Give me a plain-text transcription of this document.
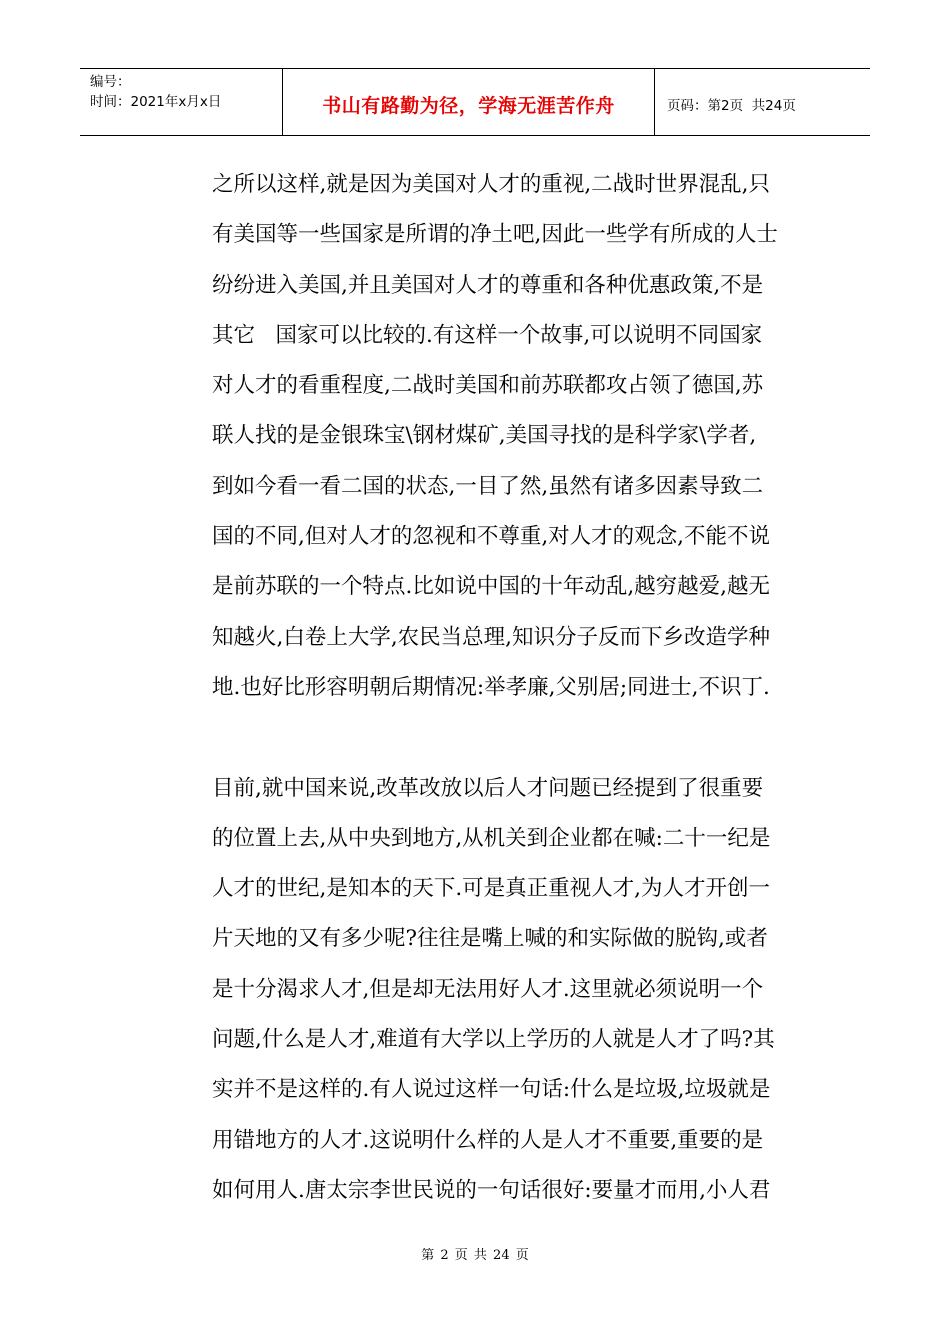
编号：
时间：2021年x月x日	书山有路勤为径，学海无涯苦作舟	页码：第2页  共24页
之所以这样,就是因为美国对人才的重视,二战时世界混乱,只
有美国等一些国家是所谓的净土吧,因此一些学有所成的人士
纷纷进入美国,并且美国对人才的尊重和各种优惠政策,不是
其它   国家可以比较的.有这样一个故事,可以说明不同国家
对人才的看重程度,二战时美国和前苏联都攻占领了德国,苏
联人找的是金银珠宝\钢材煤矿,美国寻找的是科学家\学者,
到如今看一看二国的状态,一目了然,虽然有诸多因素导致二
国的不同,但对人才的忽视和不尊重,对人才的观念,不能不说
是前苏联的一个特点.比如说中国的十年动乱,越穷越爱,越无
知越火,白卷上大学,农民当总理,知识分子反而下乡改造学种
地.也好比形容明朝后期情况:举孝廉,父别居;同进士,不识丁.
目前,就中国来说,改革改放以后人才问题已经提到了很重要
的位置上去,从中央到地方,从机关到企业都在喊:二十一纪是
人才的世纪,是知本的天下.可是真正重视人才,为人才开创一
片天地的又有多少呢?往往是嘴上喊的和实际做的脱钩,或者
是十分渴求人才,但是却无法用好人才.这里就必须说明一个
问题,什么是人才,难道有大学以上学历的人就是人才了吗?其
实并不是这样的.有人说过这样一句话:什么是垃圾,垃圾就是
用错地方的人才.这说明什么样的人是人才不重要,重要的是
如何用人.唐太宗李世民说的一句话很好:要量才而用,小人君
第 2 页 共 24 页
